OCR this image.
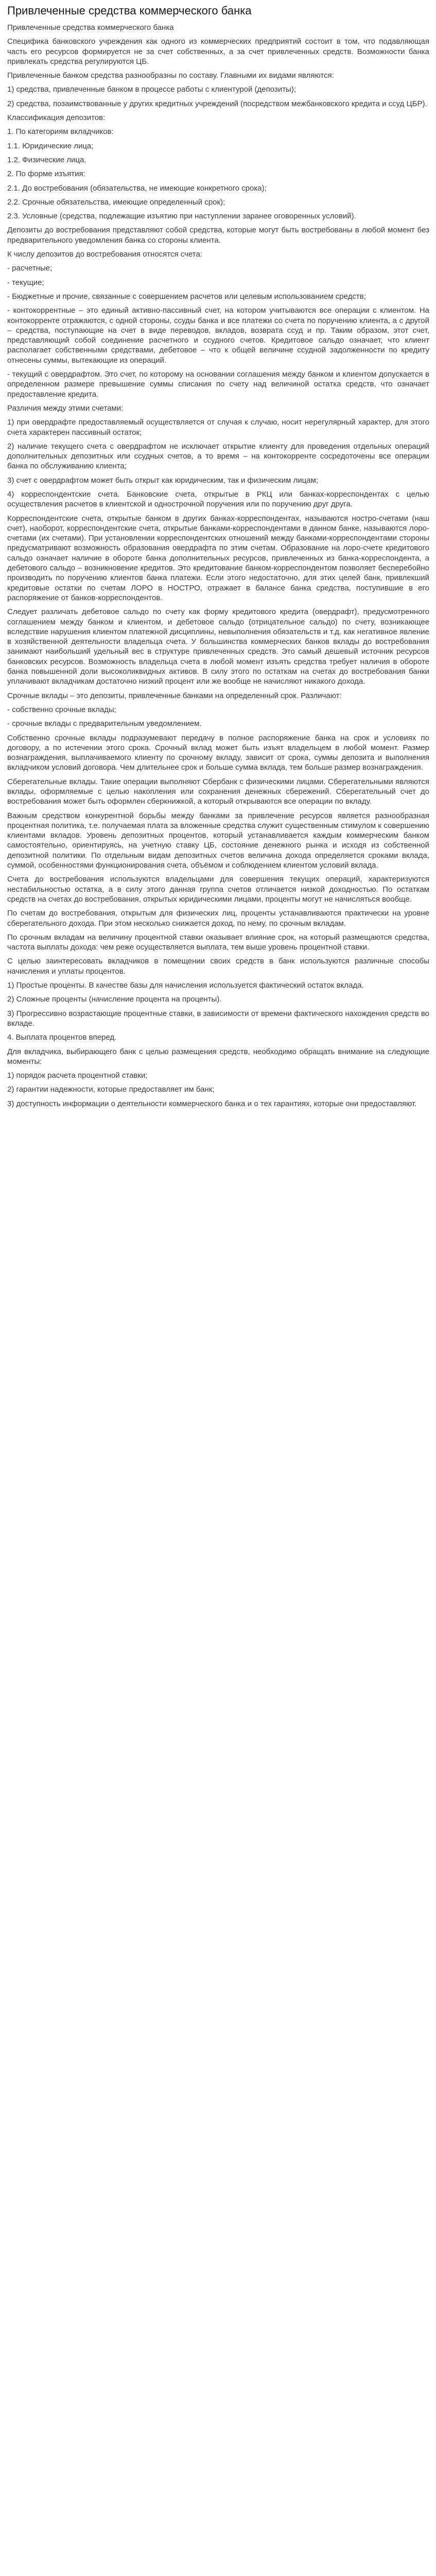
Привлеченные средства коммерческого банка

Привлеченные средства коммерческого банка

Специфика банковского учреждения как одного из коммерческих предприятий состоит в том, что подавляющая часть его ресурсов формируется не за счет собственных, а за счет привлеченных средств. Возможности банка привлекать средства регулируются ЦБ.

Привлеченные банком средства разнообразны по составу. Главными их видами являются:

1) средства, привлеченные банком в процессе работы с клиентурой (депозиты);

2) средства, позаимствованные у других кредитных учреждений (посредством межбанковского кредита и ссуд ЦБР).

Классификация депозитов:

1. По категориям вкладчиков:

1.1. Юридические лица;

1.2. Физические лица.

2. По форме изъятия:

2.1. До востребования (обязательства, не имеющие конкретного срока);

2.2. Срочные обязательства, имеющие определенный срок);

2.3. Условные (средства, подлежащие изъятию при наступлении заранее оговоренных условий).

Депозиты до востребования представляют собой средства, которые могут быть востребованы в любой момент без предварительного уведомления банка со стороны клиента.

К числу депозитов до востребования относятся счета:

- расчетные;

- текущие;

- Бюджетные и прочие, связанные с совершением расчетов или целевым использованием средств;

- контокоррентные – это единый активно-пассивный счет, на котором учитываются все операции с клиентом. На контокорренте отражаются, с одной стороны, ссуды банка и все платежи со счета по поручению клиента, а с другой – средства, поступающие на счет в виде переводов, вкладов, возврата ссуд и пр. Таким образом, этот счет, представляющий собой соединение расчетного и ссудного счетов. Кредитовое сальдо означает, что клиент располагает собственными средствами, дебетовое – что к общей величине ссудной задолженности по кредиту отнесены суммы, вытекающие из операций.

- текущий с овердрафтом. Это счет, по которому на основании соглашения между банком и клиентом допускается в определенном размере превышение суммы списания по счету над величиной остатка средств, что означает предоставление кредита.

Различия между этими счетами:

1) при овердрафте предоставляемый осуществляется от случая к случаю, носит нерегулярный характер, для этого счета характерен пассивный остаток;

2) наличие текущего счета с овердрафтом не исключает открытие клиенту для проведения отдельных операций дополнительных депозитных или ссудных счетов, а то время – на контокорренте сосредоточены все операции банка по обслуживанию клиента;

3) счет с овердрафтом может быть открыт как юридическим, так и физическим лицам;

4) корреспондентские счета. Банковские счета, открытые в РКЦ или банках-корреспондентах с целью осуществления расчетов в клиентской и однострочной поручения или по поручению друг друга.

Корреспондентские счета, открытые банком в других банках-корреспондентах, называются ностро-счетами (наш счет), наоборот, корреспондентские счета, открытые банками-корреспондентами в данном банке, называются лоро-счетами (их счетами). При установлении корреспондентских отношений между банками-корреспондентами стороны предусматривают возможность образования овердрафта по этим счетам. Образование на лоро-счете кредитового сальдо означает наличие в обороте банка дополнительных ресурсов, привлеченных из банка-корреспондента, а дебетового сальдо – возникновение кредитов. Это кредитование банком-корреспондентом позволяет бесперебойно производить по поручению клиентов банка платежи. Если этого недостаточно, для этих целей банк, привлекший кредитовые остатки по счетам ЛОРО в НОСТРО, отражает в балансе банка средства, поступившие в его распоряжение от банков-корреспондентов.

Следует различать дебетовое сальдо по счету как форму кредитового кредита (овердрафт), предусмотренного соглашением между банком и клиентом, и дебетовое сальдо (отрицательное сальдо) по счету, возникающее вследствие нарушения клиентом платежной дисциплины, невыполнения обязательств и т.д. как негативное явление в хозяйственной деятельности владельца счета. У большинства коммерческих банков вклады до востребования занимают наибольший удельный вес в структуре привлеченных средств. Это самый дешевый источник ресурсов банковских ресурсов. Возможность владельца счета в любой момент изъять средства требует наличия в обороте банка повышенной доли высоколиквидных активов. В силу этого по остаткам на счетах до востребования банки уплачивают вкладчикам достаточно низкий процент или же вообще не начисляют никакого дохода.

Срочные вклады – это депозиты, привлеченные банками на определенный срок. Различают:

- собственно срочные вклады;

- срочные вклады с предварительным уведомлением.

Собственно срочные вклады подразумевают передачу в полное распоряжение банка на срок и условиях по договору, а по истечении этого срока. Срочный вклад может быть изъят владельцем в любой момент. Размер вознаграждения, выплачиваемого клиенту по срочному вкладу, зависит от срока, суммы депозита и выполнения вкладчиком условий договора. Чем длительнее срок и больше сумма вклада, тем больше размер вознаграждения.

Сберегательные вклады. Такие операции выполняют Сбербанк с физическими лицами. Сберегательными являются вклады, оформляемые с целью накопления или сохранения денежных сбережений. Сберегательный счет до востребования может быть оформлен сберкнижкой, а который открываются все операции по вкладу.

Важным средством конкурентной борьбы между банками за привлечение ресурсов является разнообразная процентная политика, т.е. получаемая плата за вложенные средства служит существенным стимулом к совершению клиентами вкладов. Уровень депозитных процентов, который устанавливается каждым коммерческим банком самостоятельно, ориентируясь, на учетную ставку ЦБ, состояние денежного рынка и исходя из собственной депозитной политики. По отдельным видам депозитных счетов величина дохода определяется сроками вклада, суммой, особенностями функционирования счета, объёмом и соблюдением клиентом условий вклада.

Счета до востребования используются владельцами для совершения текущих операций, характеризуются нестабильностью остатка, а в силу этого данная группа счетов отличается низкой доходностью. По остаткам средств на счетах до востребования, открытых юридическими лицами, проценты могут не начисляться вообще.

По счетам до востребования, открытым для физических лиц, проценты устанавливаются практически на уровне сберегательного дохода. При этом несколько снижается доход, по нему, по срочным вкладам.

По срочным вкладам на величину процентной ставки оказывает влияние срок, на который размещаются средства, частота выплаты дохода: чем реже осуществляется выплата, тем выше уровень процентной ставки.

С целью заинтересовать вкладчиков в помещении своих средств в банк используются различные способы начисления и уплаты процентов.

1) Простые проценты. В качестве базы для начисления используется фактический остаток вклада.

2) Сложные проценты (начисление процента на проценты).

3) Прогрессивно возрастающие процентные ставки, в зависимости от времени фактического нахождения средств во вкладе.

4. Выплата процентов вперед.

Для вкладчика, выбирающего банк с целью размещения средств, необходимо обращать внимание на следующие моменты:

1) порядок расчета процентной ставки;

2) гарантии надежности, которые предоставляет им банк;

3) доступность информации о деятельности коммерческого банка и о тех гарантиях, которые они предоставляют.
